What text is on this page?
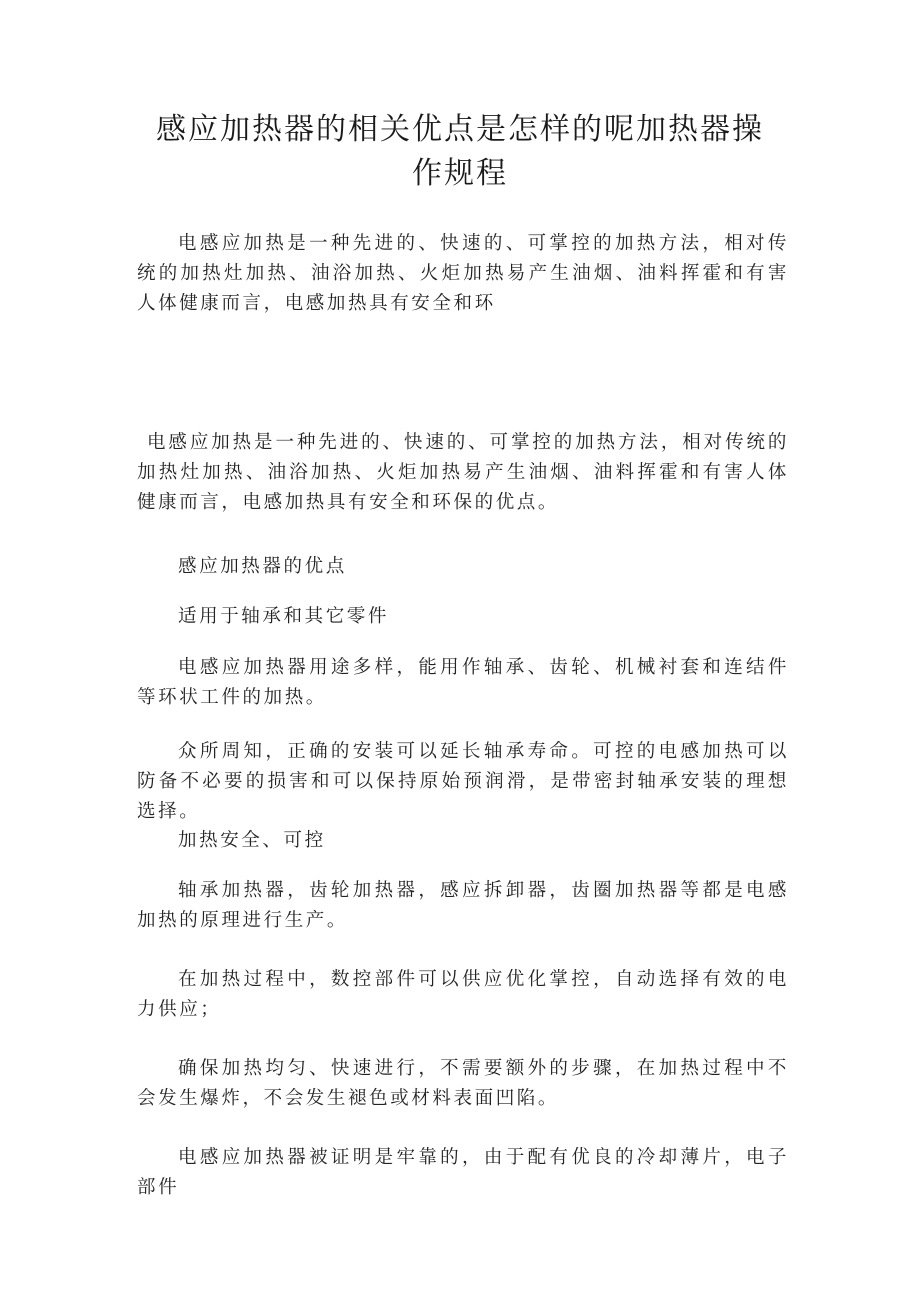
感应加热器的相关优点是怎样的呢加热器操
作规程

电感应加热是一种先进的、快速的、可掌控的加热方法，相对传统的加热灶加热、油浴加热、火炬加热易产生油烟、油料挥霍和有害人体健康而言，电感加热具有安全和环

电感应加热是一种先进的、快速的、可掌控的加热方法，相对传统的加热灶加热、油浴加热、火炬加热易产生油烟、油料挥霍和有害人体健康而言，电感加热具有安全和环保的优点。

感应加热器的优点

适用于轴承和其它零件

电感应加热器用途多样，能用作轴承、齿轮、机械衬套和连结件等环状工件的加热。

众所周知，正确的安装可以延长轴承寿命。可控的电感加热可以防备不必要的损害和可以保持原始预润滑，是带密封轴承安装的理想选择。

加热安全、可控

轴承加热器，齿轮加热器，感应拆卸器，齿圈加热器等都是电感加热的原理进行生产。

在加热过程中，数控部件可以供应优化掌控，自动选择有效的电力供应；

确保加热均匀、快速进行，不需要额外的步骤，在加热过程中不会发生爆炸，不会发生褪色或材料表面凹陷。

电感应加热器被证明是牢靠的，由于配有优良的冷却薄片，电子部件
